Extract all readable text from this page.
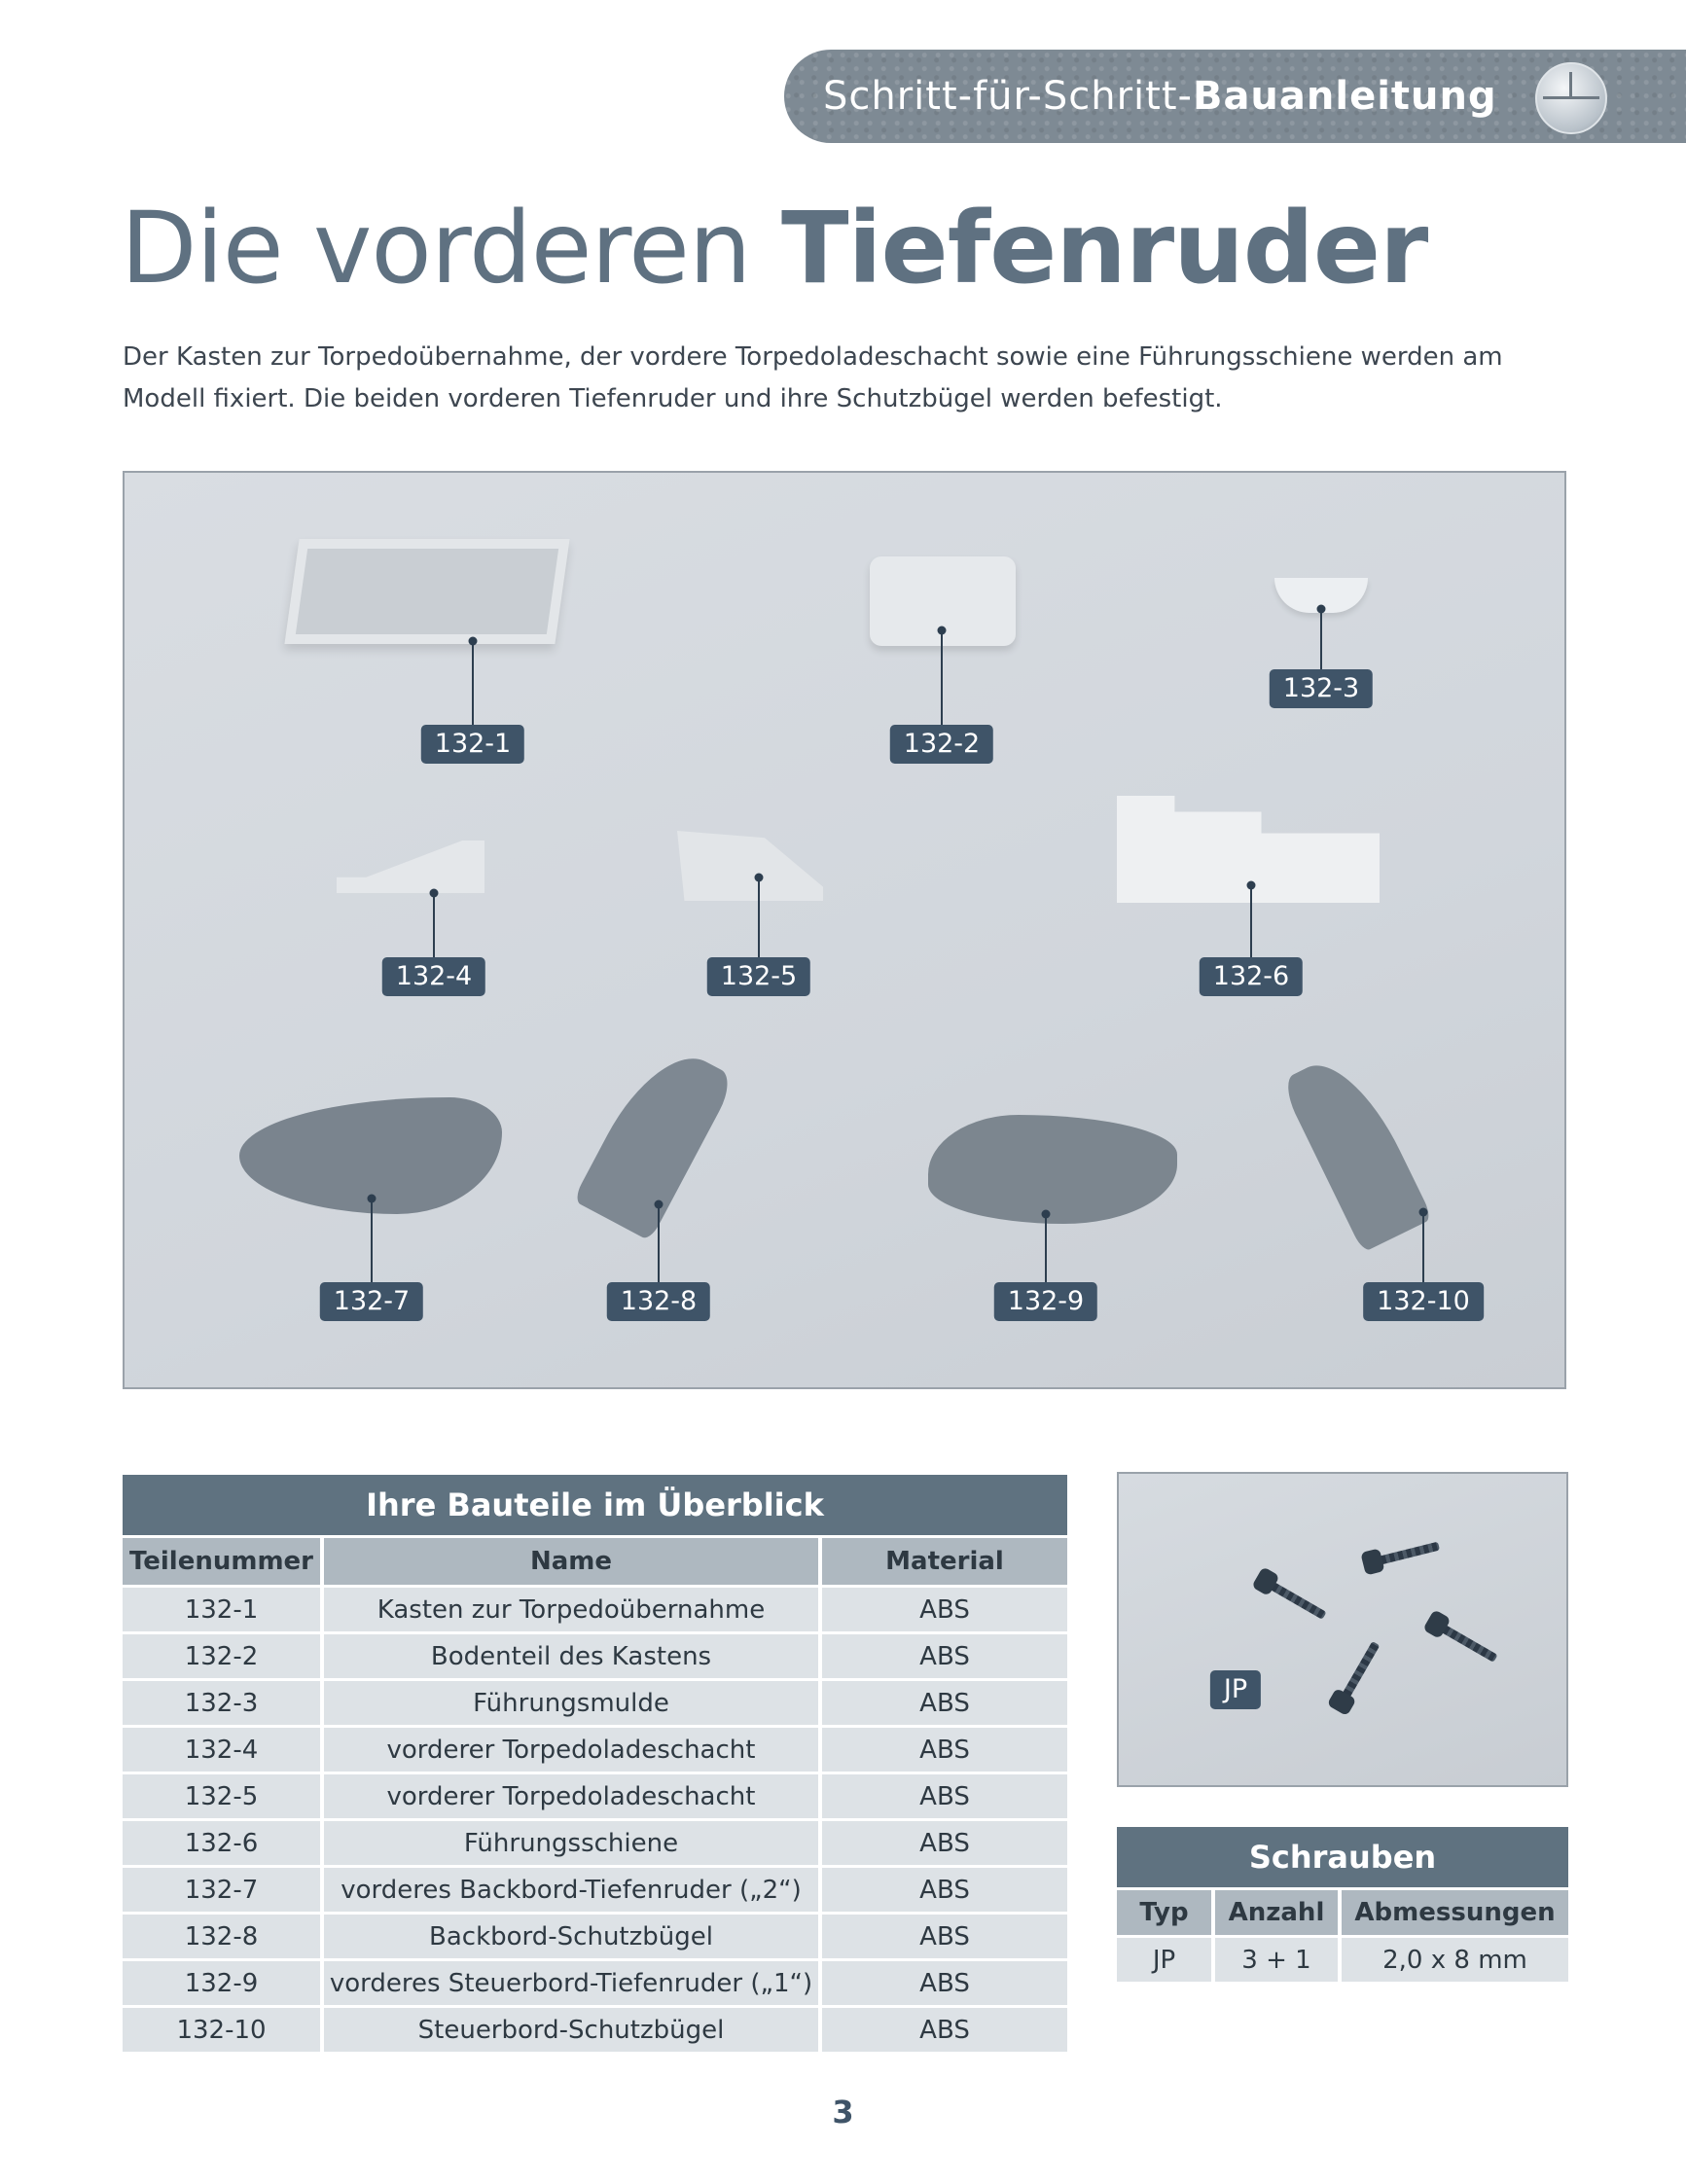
Schritt-für-Schritt-Bauanleitung
Die vorderen Tiefenruder
Der Kasten zur Torpedoübernahme, der vordere Torpedoladeschacht sowie eine Führungsschiene werden am Modell fixiert. Die beiden vorderen Tiefenruder und ihre Schutzbügel werden befestigt.
132-1	132-2
132-3
132-4	132-5	132-6
132-7	132-8	132-9	132-10
Ihre Bauteile im Überblick		
Teilenummer	Name	Material
132-1	Kasten zur Torpedoübernahme	ABS
132-2	Bodenteil des Kastens	ABS
132-3	Führungsmulde	ABS
132-4	vorderer Torpedoladeschacht	ABS
132-5	vorderer Torpedoladeschacht	ABS
132-6	Führungsschiene	ABS
132-7	vorderes Backbord-Tiefenruder („2“)	ABS
132-8	Backbord-Schutzbügel	ABS
132-9	vorderes Steuerbord-Tiefenruder („1“)	ABS
132-10	Steuerbord-Schutzbügel	ABS
JP
Schrauben		
Typ	Anzahl	Abmessungen
JP	3 + 1	2,0 x 8 mm
3
